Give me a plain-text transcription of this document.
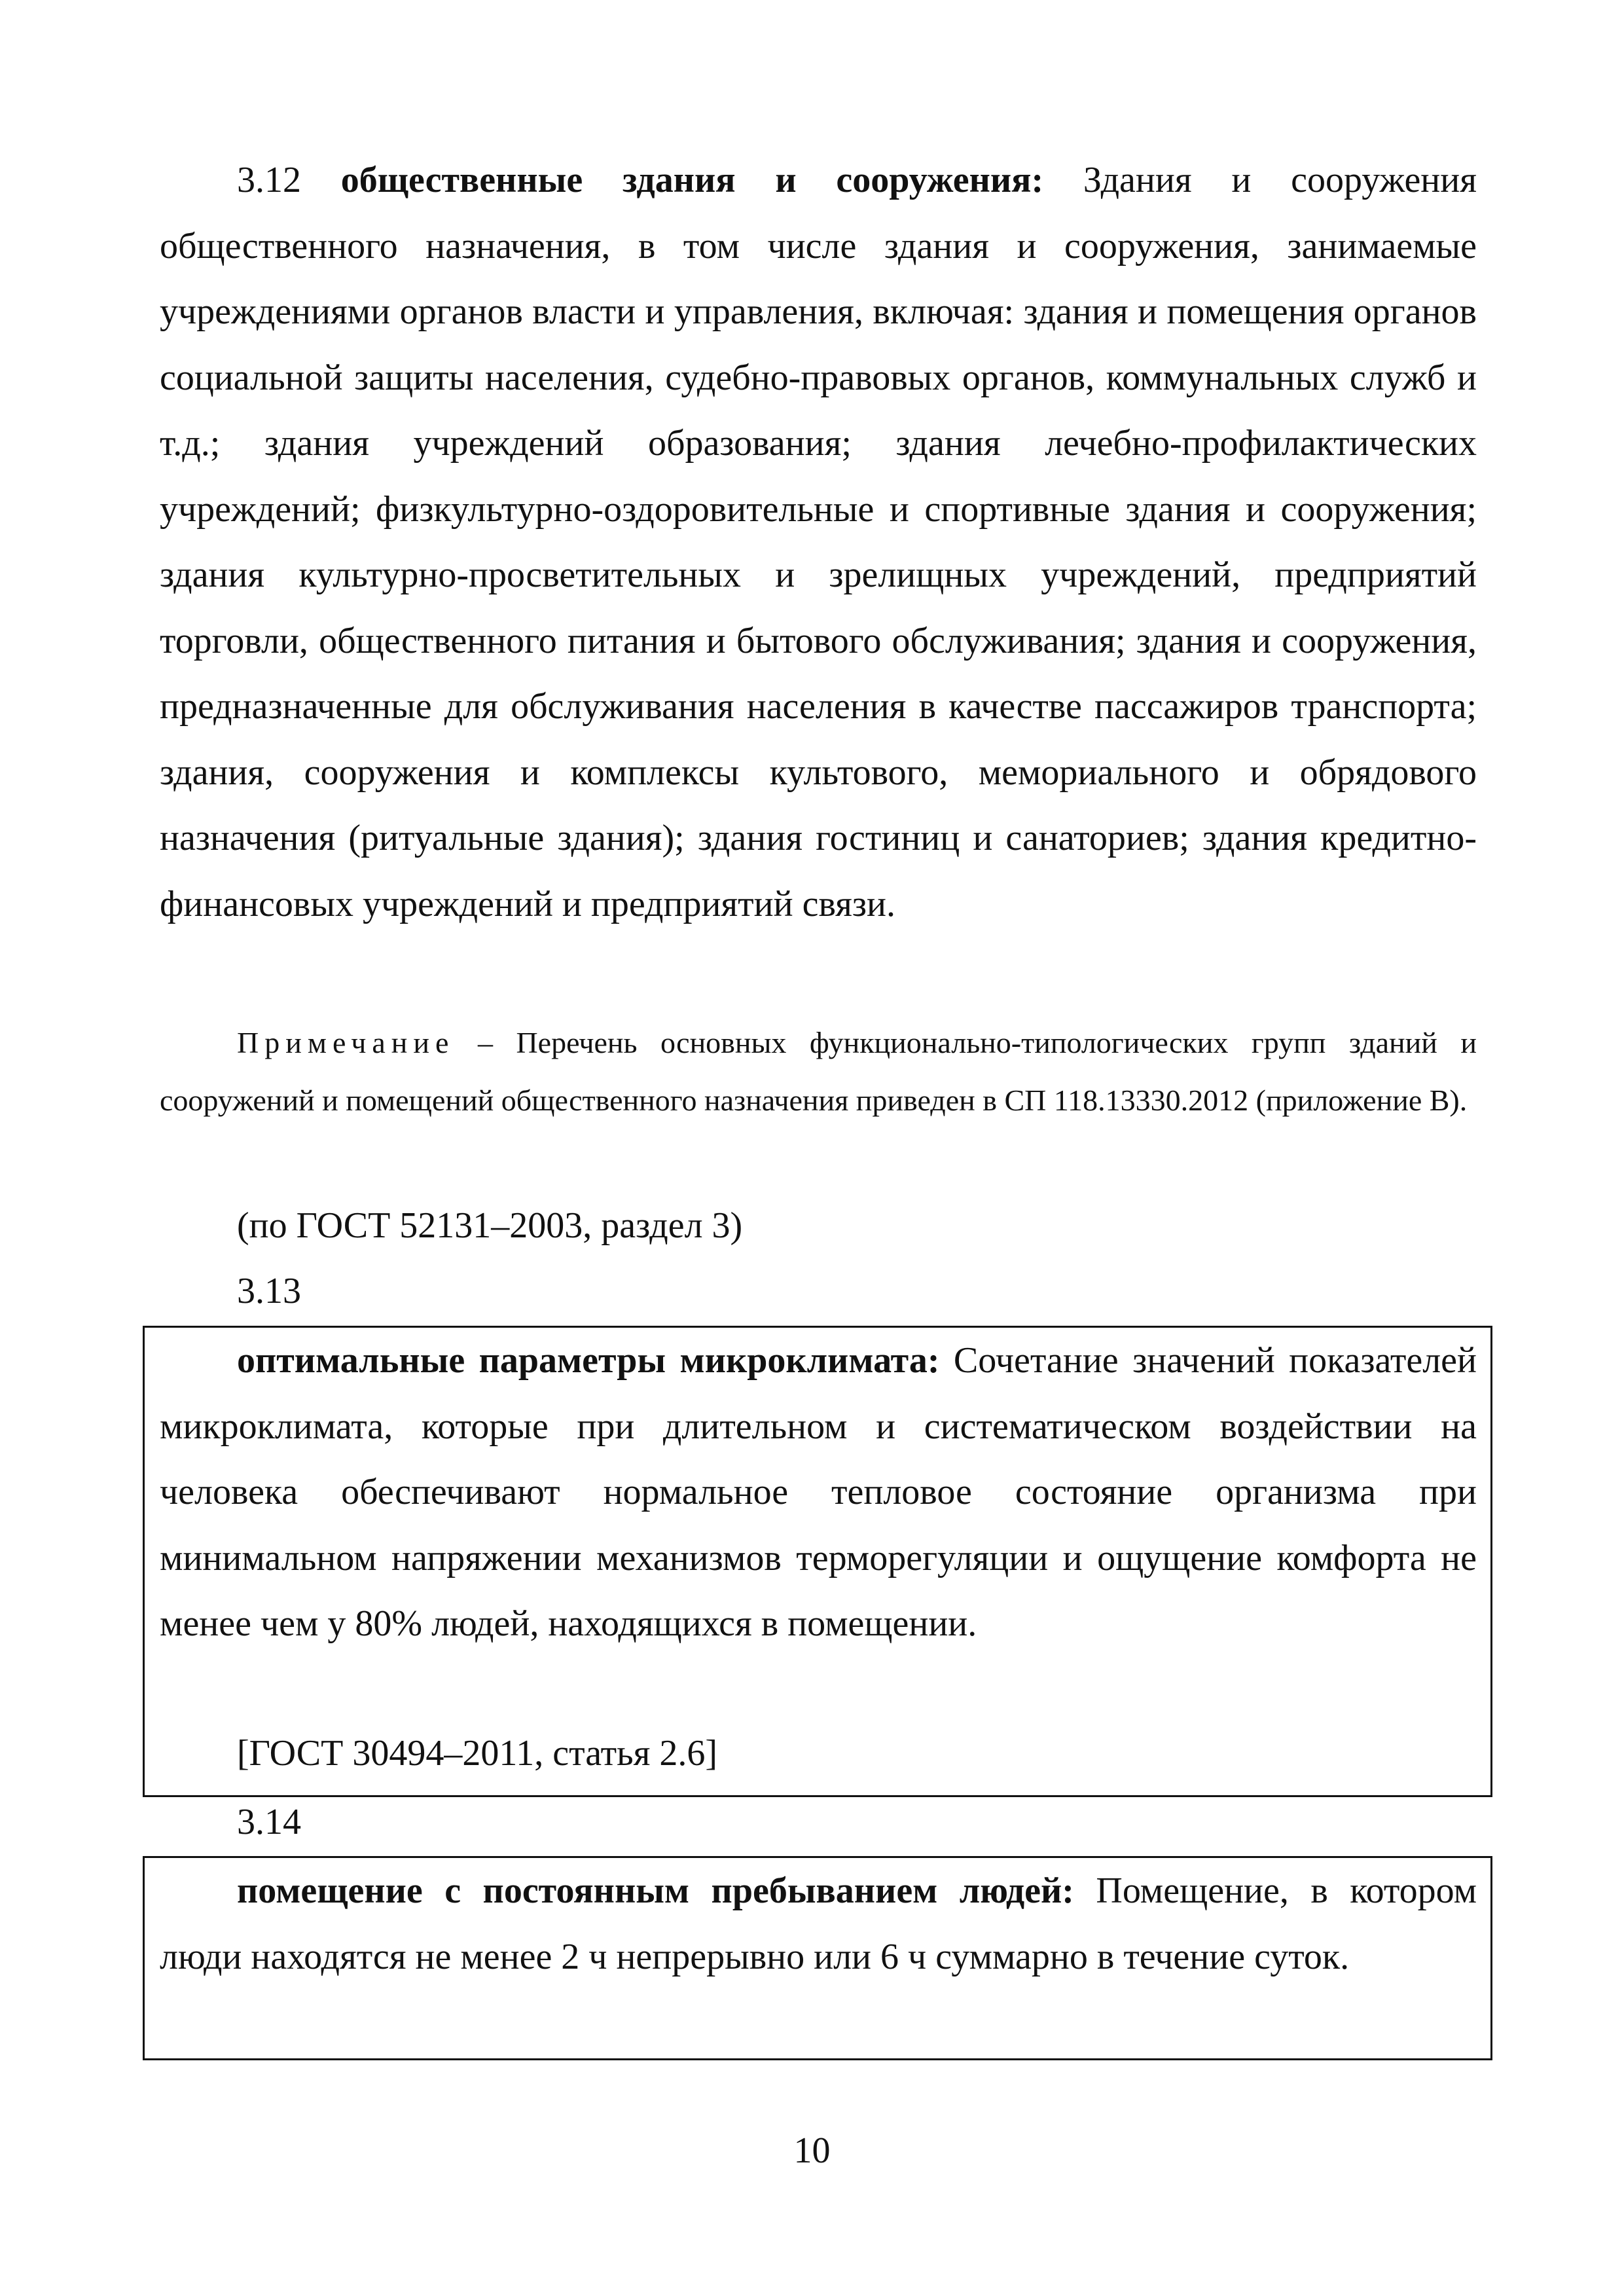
3.12 общественные здания и сооружения: Здания и сооружения общественного назначения, в том числе здания и сооружения, занимаемые учреждениями органов власти и управления, включая: здания и помещения органов социальной защиты населения, судебно-правовых органов, коммунальных служб и т.д.; здания учреждений образования; здания лечебно-профилактических учреждений; физкультурно-оздоровительные и спортивные здания и сооружения; здания культурно-просветительных и зрелищных учреждений, предприятий торговли, общественного питания и бытового обслуживания; здания и сооружения, предназначенные для обслуживания населения в качестве пассажиров транспорта; здания, сооружения и комплексы культового, мемориального и обрядового назначения (ритуальные здания); здания гостиниц и санаториев; здания кредитно-финансовых учреждений и предприятий связи.

Примечание – Перечень основных функционально-типологических групп зданий и сооружений и помещений общественного назначения приведен в СП 118.13330.2012 (приложение В).

(по ГОСТ 52131–2003, раздел 3)

3.13

оптимальные параметры микроклимата: Сочетание значений показателей микроклимата, которые при длительном и систематическом воздействии на человека обеспечивают нормальное тепловое состояние организма при минимальном напряжении механизмов терморегуляции и ощущение комфорта не менее чем у 80% людей, находящихся в помещении.

[ГОСТ 30494–2011, статья 2.6]

3.14

помещение с постоянным пребыванием людей: Помещение, в котором люди находятся не менее 2 ч непрерывно или 6 ч суммарно в течение суток.

10
